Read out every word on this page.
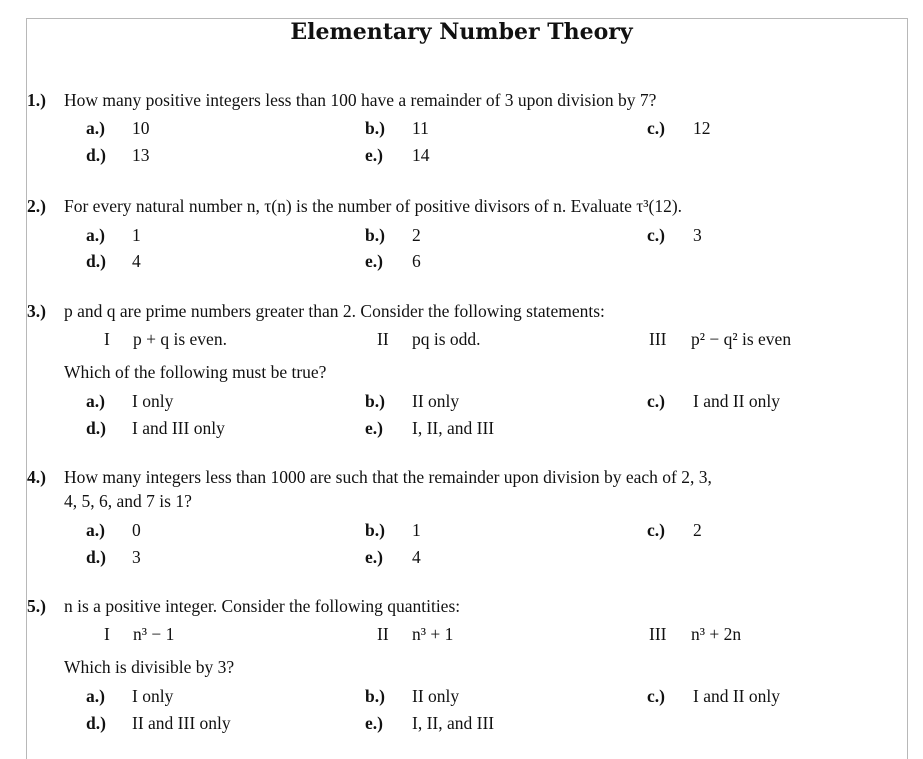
Elementary Number Theory
1.) How many positive integers less than 100 have a remainder of 3 upon division by 7?
a.) 10	b.) 11	c.) 12
d.) 13	e.) 14
2.) For every natural number n, τ(n) is the number of positive divisors of n. Evaluate τ³(12).
a.) 1	b.) 2	c.) 3
d.) 4	e.) 6
3.) p and q are prime numbers greater than 2. Consider the following statements:
I p + q is even.	II pq is odd.	III p² − q² is even
Which of the following must be true?
a.) I only	b.) II only	c.) I and II only
d.) I and III only	e.) I, II, and III
4.) How many integers less than 1000 are such that the remainder upon division by each of 2, 3,
4, 5, 6, and 7 is 1?
a.) 0	b.) 1	c.) 2
d.) 3	e.) 4
5.) n is a positive integer. Consider the following quantities:
I n³ − 1	II n³ + 1	III n³ + 2n
Which is divisible by 3?
a.) I only	b.) II only	c.) I and II only
d.) II and III only	e.) I, II, and III
